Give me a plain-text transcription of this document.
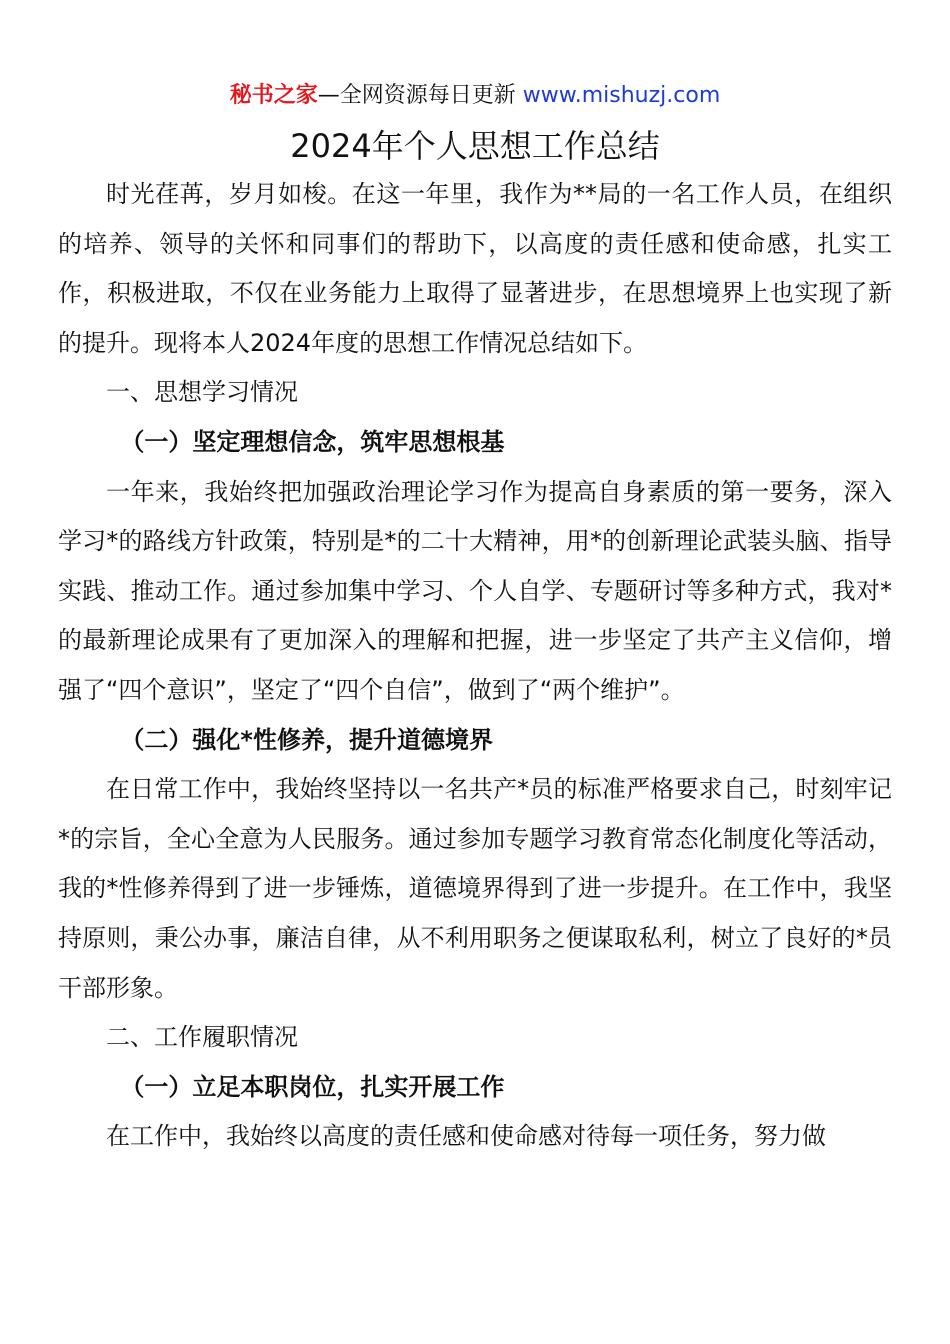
秘书之家—全网资源每日更新 www.mishuzj.com
2024年个人思想工作总结

时光荏苒，岁月如梭。在这一年里，我作为**局的一名工作人员，在组织的培养、领导的关怀和同事们的帮助下，以高度的责任感和使命感，扎实工作，积极进取，不仅在业务能力上取得了显著进步，在思想境界上也实现了新的提升。现将本人2024年度的思想工作情况总结如下。

一、思想学习情况

（一）坚定理想信念，筑牢思想根基

一年来，我始终把加强政治理论学习作为提高自身素质的第一要务，深入学习*的路线方针政策，特别是*的二十大精神，用*的创新理论武装头脑、指导实践、推动工作。通过参加集中学习、个人自学、专题研讨等多种方式，我对*的最新理论成果有了更加深入的理解和把握，进一步坚定了共产主义信仰，增强了“四个意识”，坚定了“四个自信”，做到了“两个维护”。

（二）强化*性修养，提升道德境界

在日常工作中，我始终坚持以一名共产*员的标准严格要求自己，时刻牢记*的宗旨，全心全意为人民服务。通过参加专题学习教育常态化制度化等活动，我的*性修养得到了进一步锤炼，道德境界得到了进一步提升。在工作中，我坚持原则，秉公办事，廉洁自律，从不利用职务之便谋取私利，树立了良好的*员干部形象。

二、工作履职情况

（一）立足本职岗位，扎实开展工作

在工作中，我始终以高度的责任感和使命感对待每一项任务，努力做
